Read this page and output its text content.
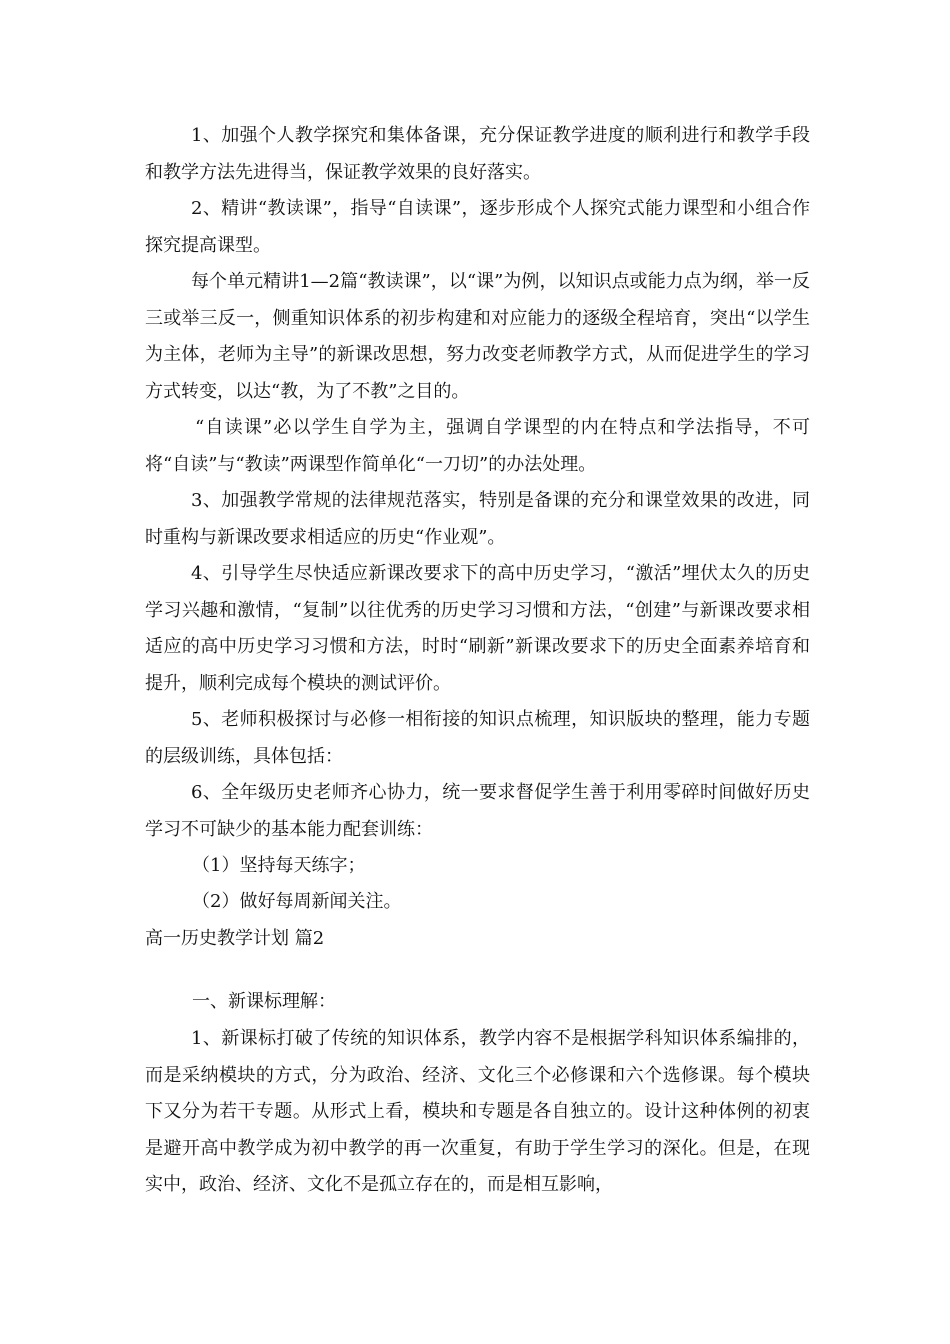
1、加强个人教学探究和集体备课，充分保证教学进度的顺利进行和教学手段和教学方法先进得当，保证教学效果的良好落实。

2、精讲“教读课”，指导“自读课”，逐步形成个人探究式能力课型和小组合作探究提高课型。

每个单元精讲1—2篇“教读课”，以“课”为例，以知识点或能力点为纲，举一反三或举三反一，侧重知识体系的初步构建和对应能力的逐级全程培育，突出“以学生为主体，老师为主导”的新课改思想，努力改变老师教学方式，从而促进学生的学习方式转变，以达“教，为了不教”之目的。

“自读课”必以学生自学为主，强调自学课型的内在特点和学法指导，不可将“自读”与“教读”两课型作简单化“一刀切”的办法处理。

3、加强教学常规的法律规范落实，特别是备课的充分和课堂效果的改进，同时重构与新课改要求相适应的历史“作业观”。

4、引导学生尽快适应新课改要求下的高中历史学习，“激活”埋伏太久的历史学习兴趣和激情，“复制”以往优秀的历史学习习惯和方法，“创建”与新课改要求相适应的高中历史学习习惯和方法，时时“刷新”新课改要求下的历史全面素养培育和提升，顺利完成每个模块的测试评价。

5、老师积极探讨与必修一相衔接的知识点梳理，知识版块的整理，能力专题的层级训练，具体包括：

6、全年级历史老师齐心协力，统一要求督促学生善于利用零碎时间做好历史学习不可缺少的基本能力配套训练：

（1）坚持每天练字；

（2）做好每周新闻关注。

高一历史教学计划 篇2

一、新课标理解：

1、新课标打破了传统的知识体系，教学内容不是根据学科知识体系编排的，而是采纳模块的方式，分为政治、经济、文化三个必修课和六个选修课。每个模块下又分为若干专题。从形式上看，模块和专题是各自独立的。设计这种体例的初衷是避开高中教学成为初中教学的再一次重复，有助于学生学习的深化。但是，在现实中，政治、经济、文化不是孤立存在的，而是相互影响，
